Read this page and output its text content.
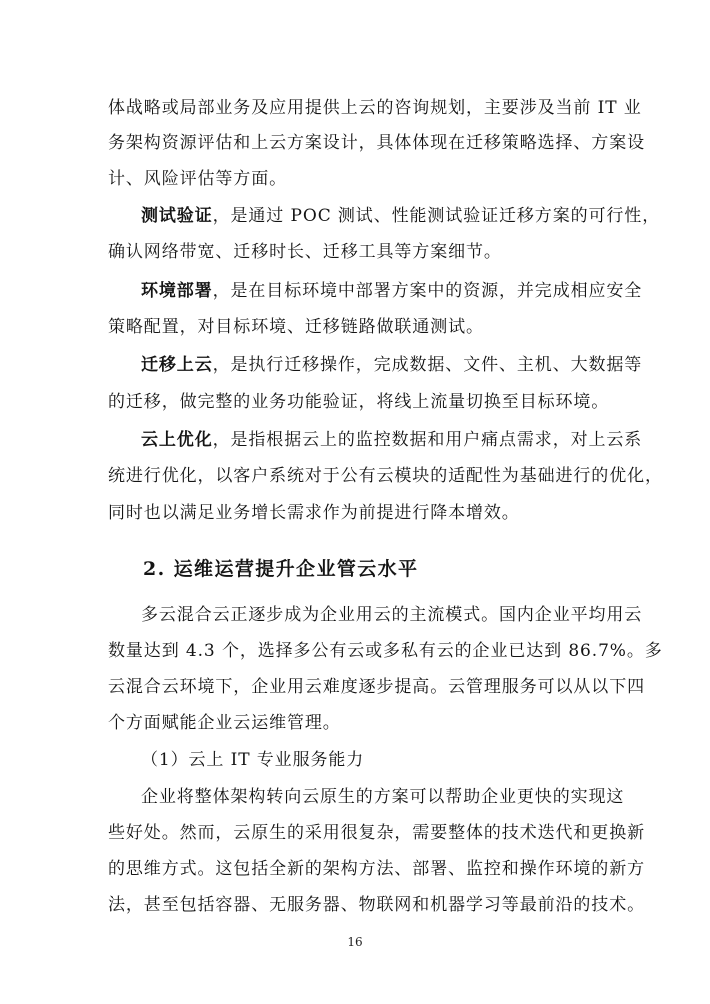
体战略或局部业务及应用提供上云的咨询规划，主要涉及当前 IT 业

务架构资源评估和上云方案设计，具体体现在迁移策略选择、方案设

计、风险评估等方面。

测试验证，是通过 POC 测试、性能测试验证迁移方案的可行性，

确认网络带宽、迁移时长、迁移工具等方案细节。

环境部署，是在目标环境中部署方案中的资源，并完成相应安全

策略配置，对目标环境、迁移链路做联通测试。

迁移上云，是执行迁移操作，完成数据、文件、主机、大数据等

的迁移，做完整的业务功能验证，将线上流量切换至目标环境。

云上优化，是指根据云上的监控数据和用户痛点需求，对上云系

统进行优化，以客户系统对于公有云模块的适配性为基础进行的优化，

同时也以满足业务增长需求作为前提进行降本增效。

2. 运维运营提升企业管云水平

多云混合云正逐步成为企业用云的主流模式。国内企业平均用云

数量达到 4.3 个，选择多公有云或多私有云的企业已达到 86.7%。多

云混合云环境下，企业用云难度逐步提高。云管理服务可以从以下四

个方面赋能企业云运维管理。

（1）云上 IT 专业服务能力

企业将整体架构转向云原生的方案可以帮助企业更快的实现这

些好处。然而，云原生的采用很复杂，需要整体的技术迭代和更换新

的思维方式。这包括全新的架构方法、部署、监控和操作环境的新方

法，甚至包括容器、无服务器、物联网和机器学习等最前沿的技术。

16
